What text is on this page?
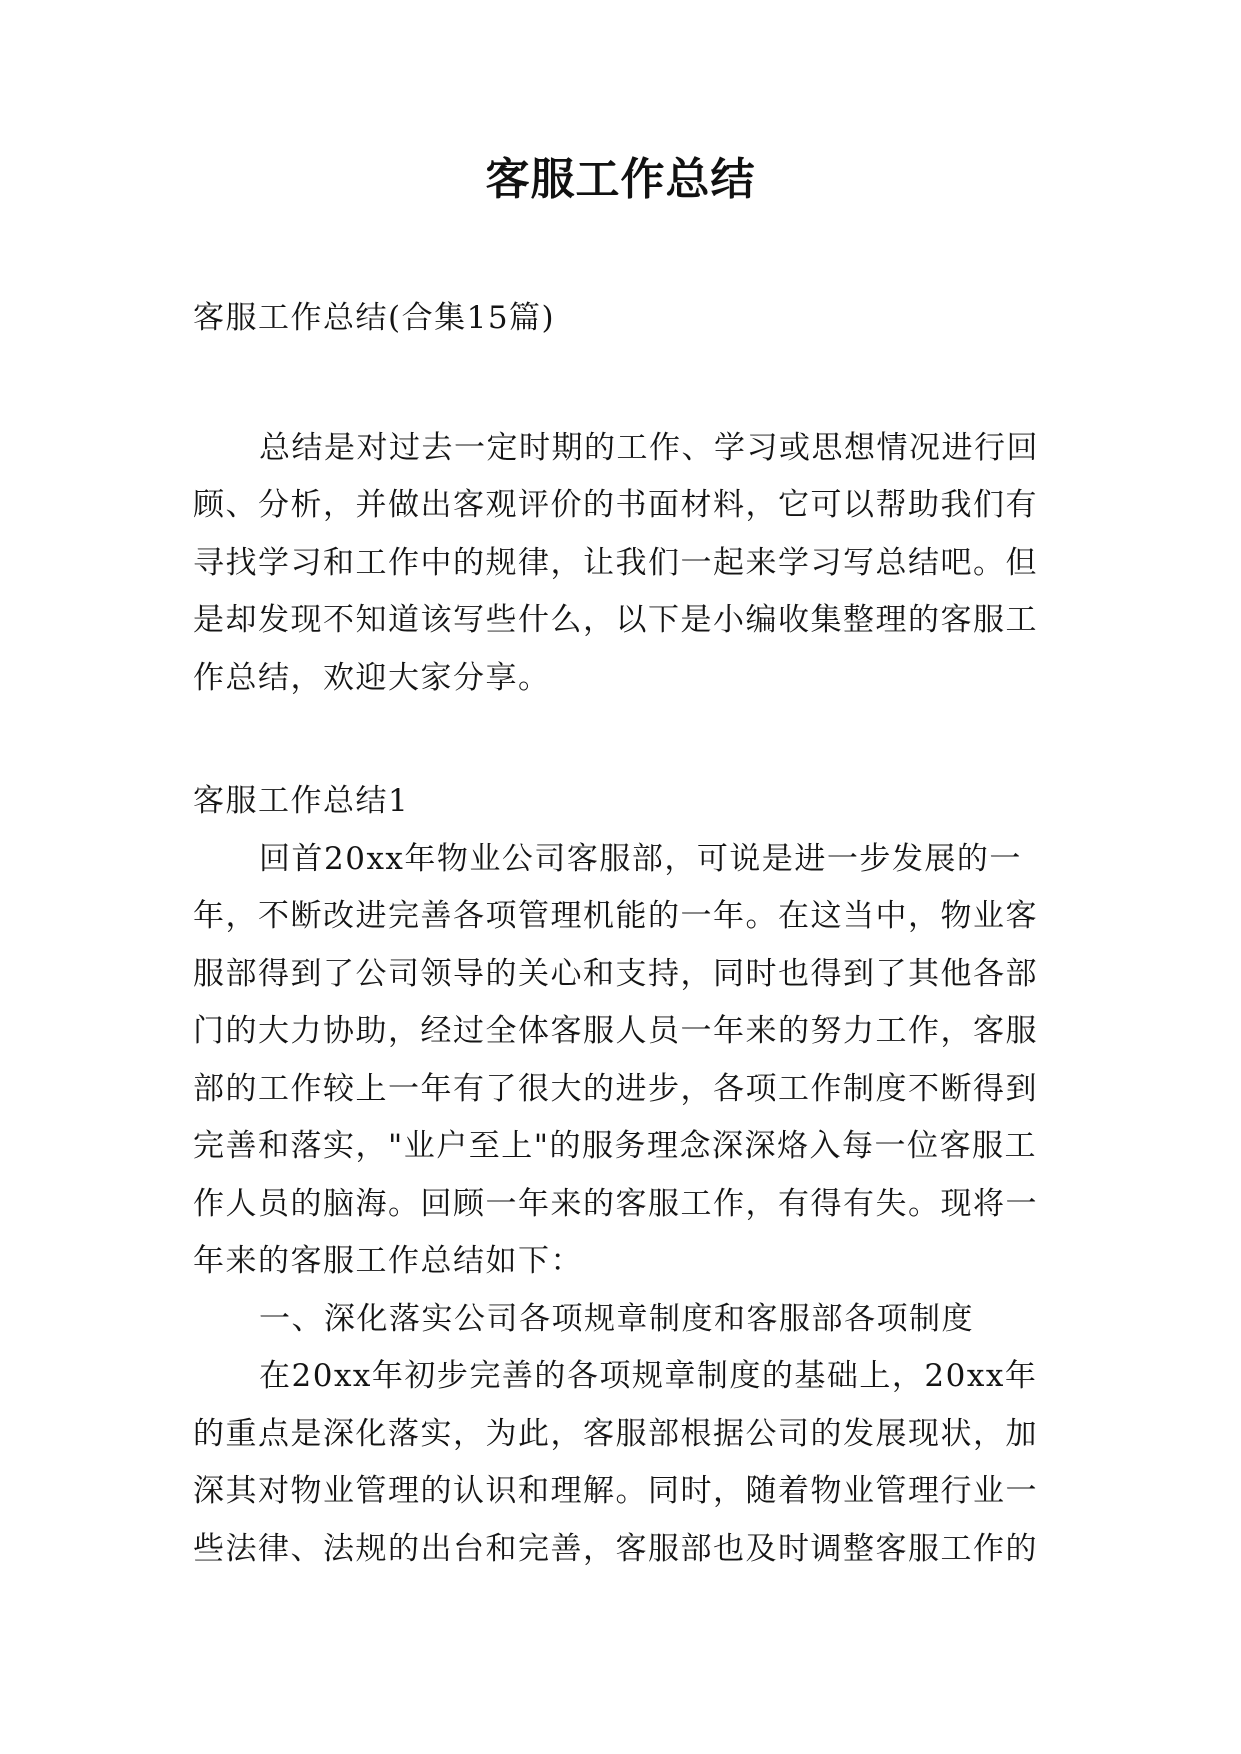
客服工作总结
客服工作总结(合集15篇)
总结是对过去一定时期的工作、学习或思想情况进行回
顾、分析，并做出客观评价的书面材料，它可以帮助我们有
寻找学习和工作中的规律，让我们一起来学习写总结吧。但
是却发现不知道该写些什么，以下是小编收集整理的客服工
作总结，欢迎大家分享。
客服工作总结1
回首20xx年物业公司客服部，可说是进一步发展的一
年，不断改进完善各项管理机能的一年。在这当中，物业客
服部得到了公司领导的关心和支持，同时也得到了其他各部
门的大力协助，经过全体客服人员一年来的努力工作，客服
部的工作较上一年有了很大的进步，各项工作制度不断得到
完善和落实，"业户至上"的服务理念深深烙入每一位客服工
作人员的脑海。回顾一年来的客服工作，有得有失。现将一
年来的客服工作总结如下：
一、深化落实公司各项规章制度和客服部各项制度
在20xx年初步完善的各项规章制度的基础上，20xx年
的重点是深化落实，为此，客服部根据公司的发展现状，加
深其对物业管理的认识和理解。同时，随着物业管理行业一
些法律、法规的出台和完善，客服部也及时调整客服工作的
